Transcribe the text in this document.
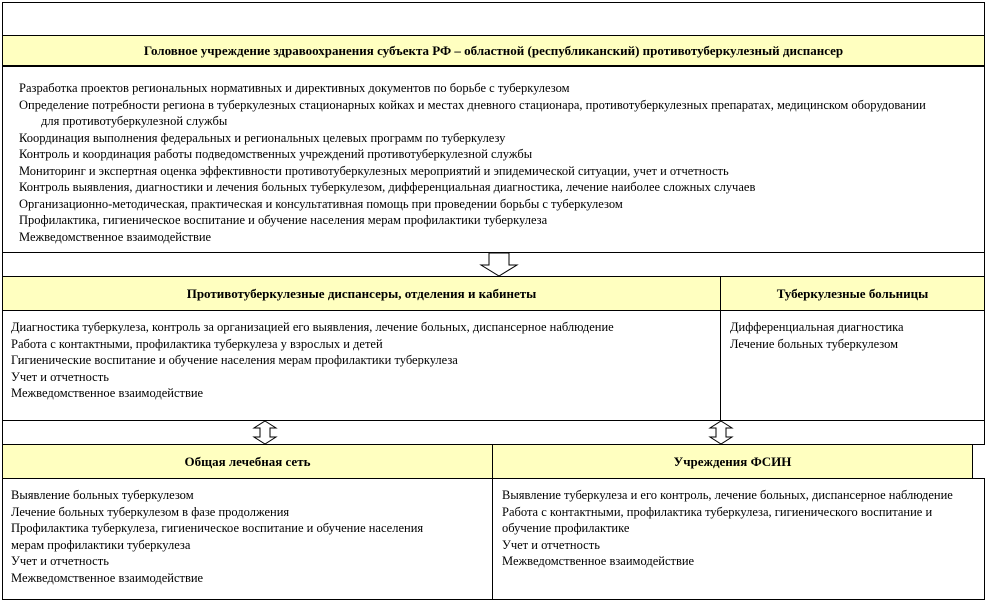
Головное учреждение здравоохранения субъекта РФ – областной (республиканский) противотуберкулезный диспансер
Разработка проектов региональных нормативных и директивных документов по борьбе с туберкулезом
Определение потребности региона в туберкулезных стационарных койках и местах дневного стационара, противотуберкулезных препаратах, медицинском оборудовании для противотуберкулезной службы
Координация выполнения федеральных и региональных целевых программ по туберкулезу
Контроль и координация работы подведомственных учреждений противотуберкулезной службы
Мониторинг и экспертная оценка эффективности противотуберкулезных мероприятий и эпидемической ситуации, учет и отчетность
Контроль выявления, диагностики и лечения больных туберкулезом, дифференциальная диагностика, лечение наиболее сложных случаев
Организационно-методическая, практическая и консультативная помощь при проведении борьбы с туберкулезом
Профилактика, гигиеническое воспитание и обучение населения мерам профилактики туберкулеза
Межведомственное взаимодействие
Противотуберкулезные диспансеры, отделения и кабинеты	Туберкулезные больницы
Диагностика туберкулеза, контроль за организацией его выявления, лечение больных, диспансерное наблюдение
Работа с контактными, профилактика туберкулеза у взрослых и детей
Гигиенические воспитание и обучение населения мерам профилактики туберкулеза
Учет и отчетность
Межведомственное взаимодействие
Дифференциальная диагностика
Лечение больных туберкулезом
Общая лечебная сеть	Учреждения ФСИН
Выявление больных туберкулезом
Лечение больных туберкулезом в фазе продолжения
Профилактика туберкулеза, гигиеническое воспитание и обучение населения мерам профилактики туберкулеза
Учет и отчетность
Межведомственное взаимодействие
Выявление туберкулеза и его контроль, лечение больных, диспансерное наблюдение
Работа с контактными, профилактика туберкулеза, гигиенического воспитание и обучение профилактике
Учет и отчетность
Межведомственное взаимодействие
